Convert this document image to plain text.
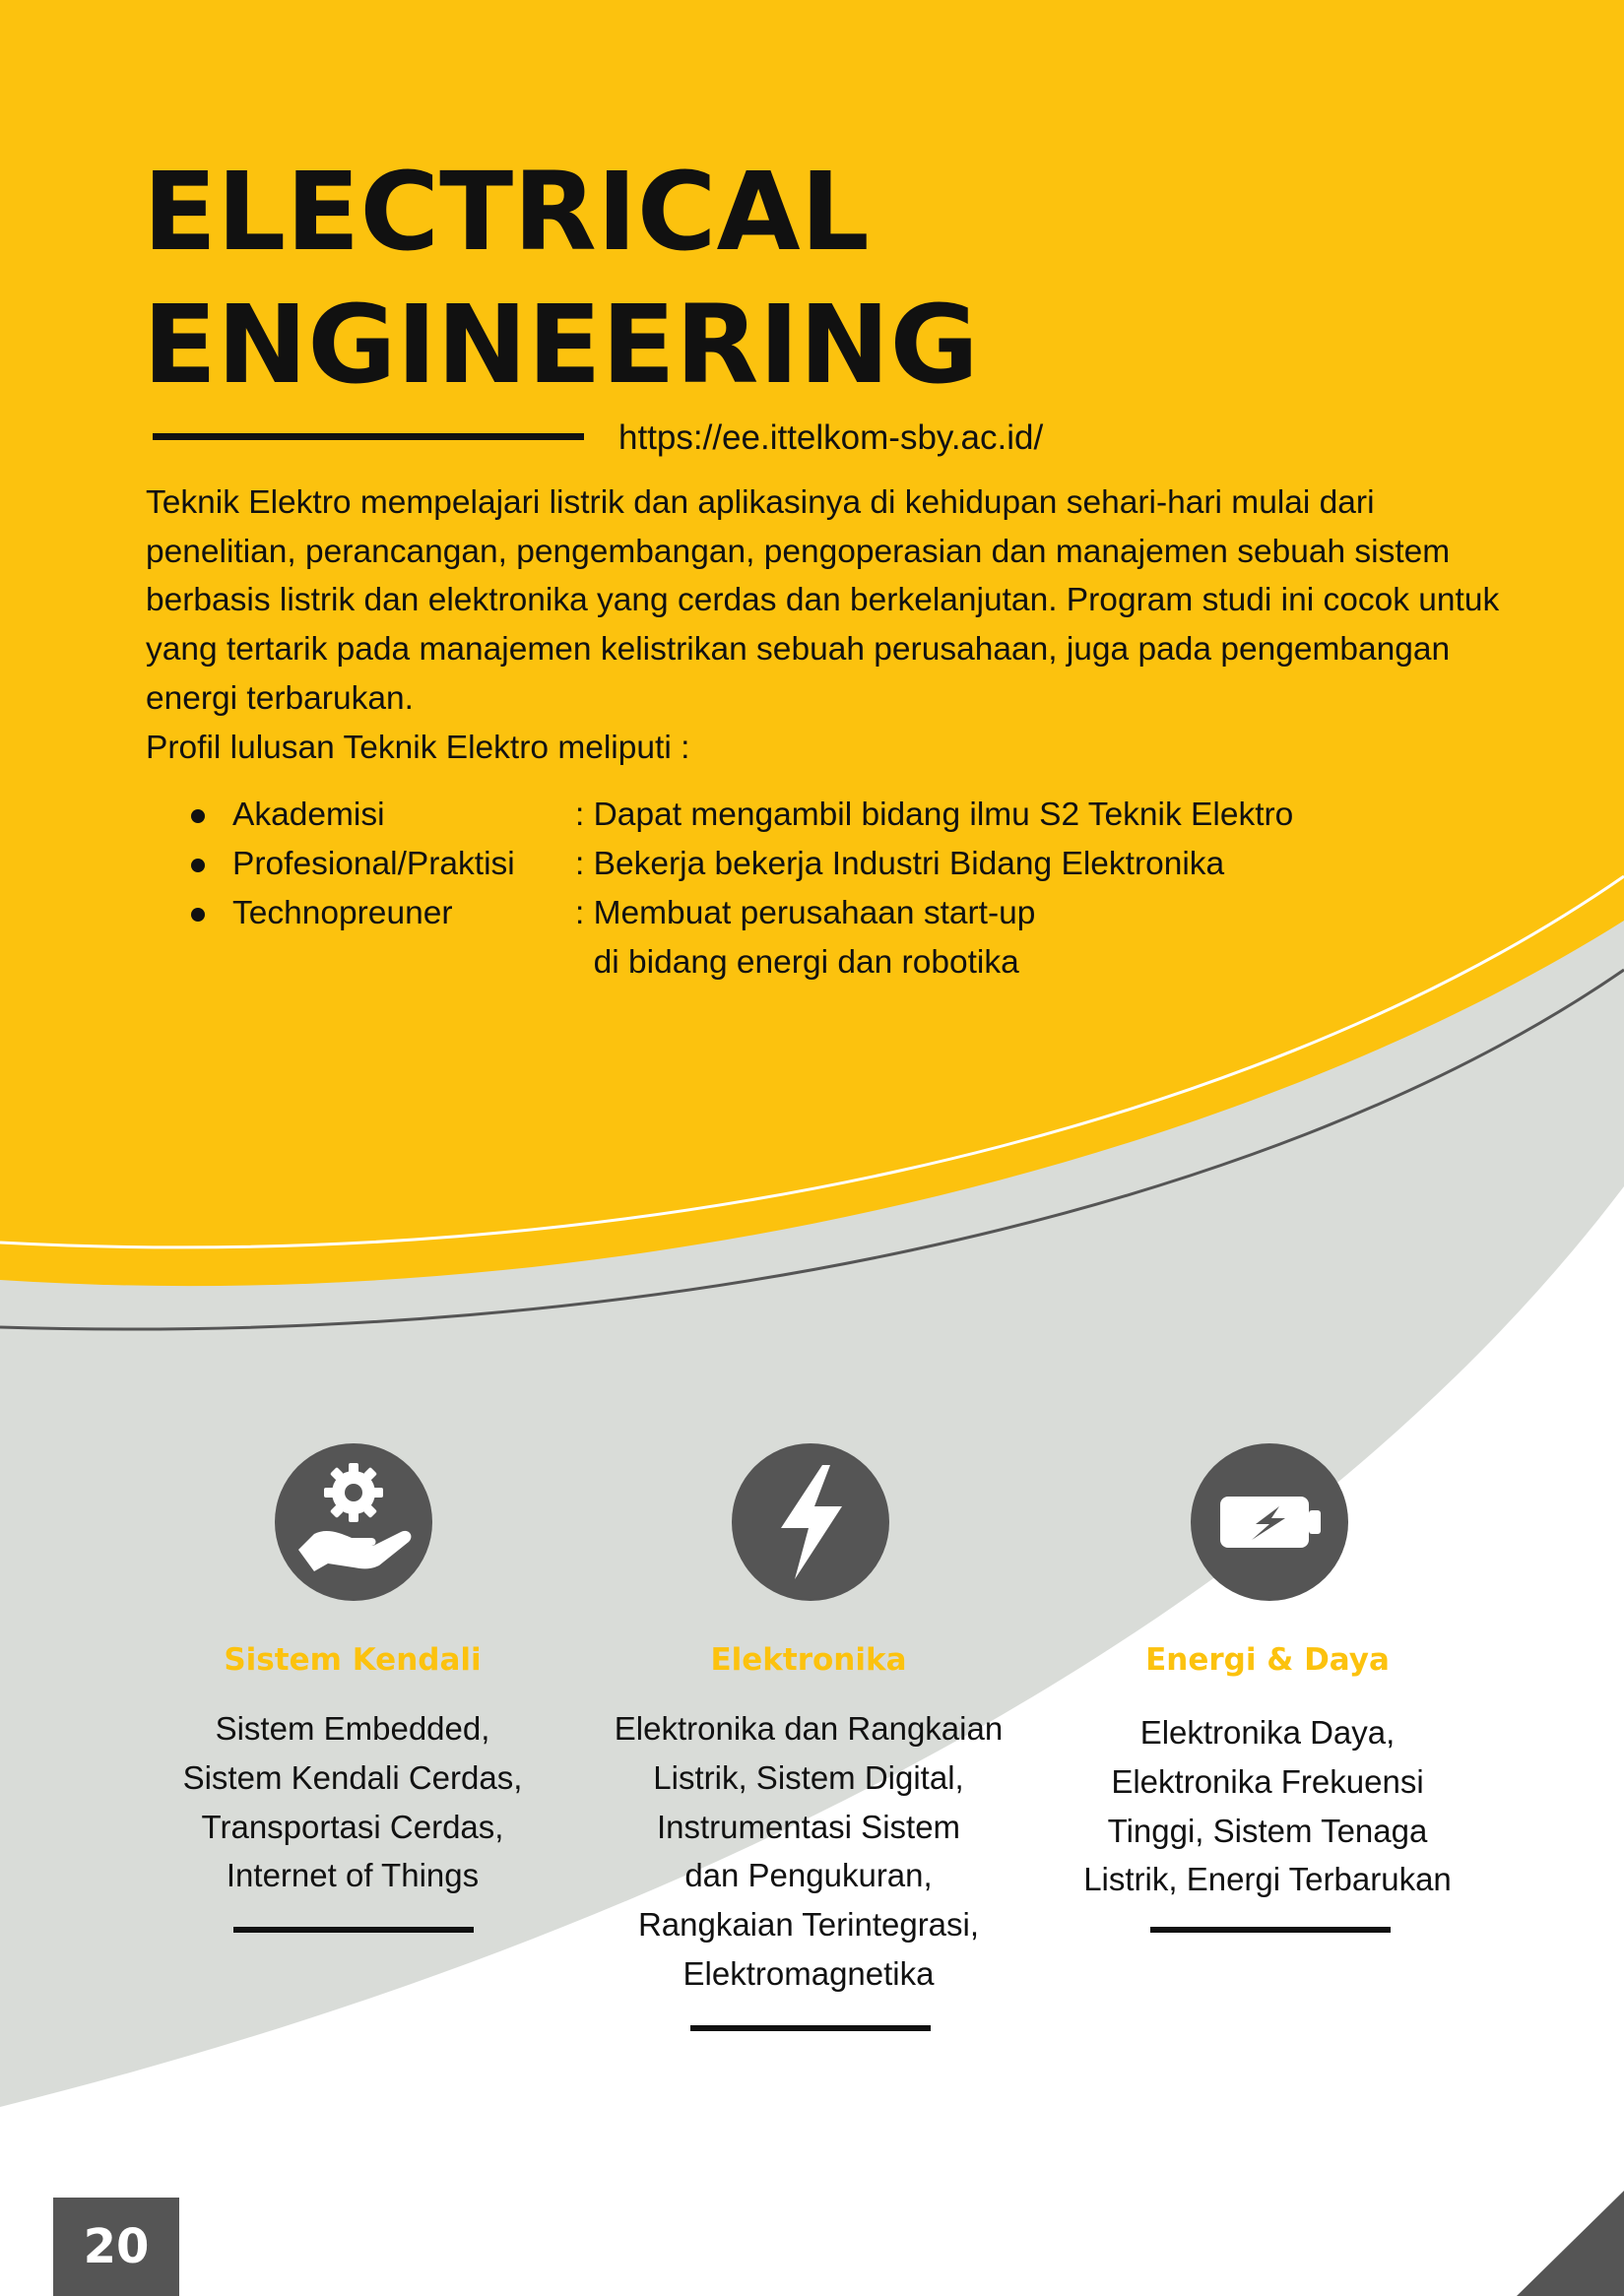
ELECTRICAL
ENGINEERING
https://ee.ittelkom-sby.ac.id/

Teknik Elektro mempelajari listrik dan aplikasinya di kehidupan sehari-hari mulai dari penelitian, perancangan, pengembangan, pengoperasian dan manajemen sebuah sistem berbasis listrik dan elektronika yang cerdas dan berkelanjutan. Program studi ini cocok untuk yang tertarik pada manajemen kelistrikan sebuah perusahaan, juga pada pengembangan energi terbarukan.

Profil lulusan Teknik Elektro meliputi :

Akademisi	: Dapat mengambil bidang ilmu S2 Teknik Elektro
Profesional/Praktisi : Bekerja bekerja Industri Bidang Elektronika
Technopreuner	: Membuat perusahaan start-up
di bidang energi dan robotika
Sistem Kendali
Sistem Embedded,
Sistem Kendali Cerdas,
Transportasi Cerdas,
Internet of Things
Elektronika
Elektronika dan Rangkaian
Listrik, Sistem Digital,
Instrumentasi Sistem
dan Pengukuran,
Rangkaian Terintegrasi,
Elektromagnetika
Energi & Daya
Elektronika Daya,
Elektronika Frekuensi
Tinggi, Sistem Tenaga
Listrik, Energi Terbarukan
20
